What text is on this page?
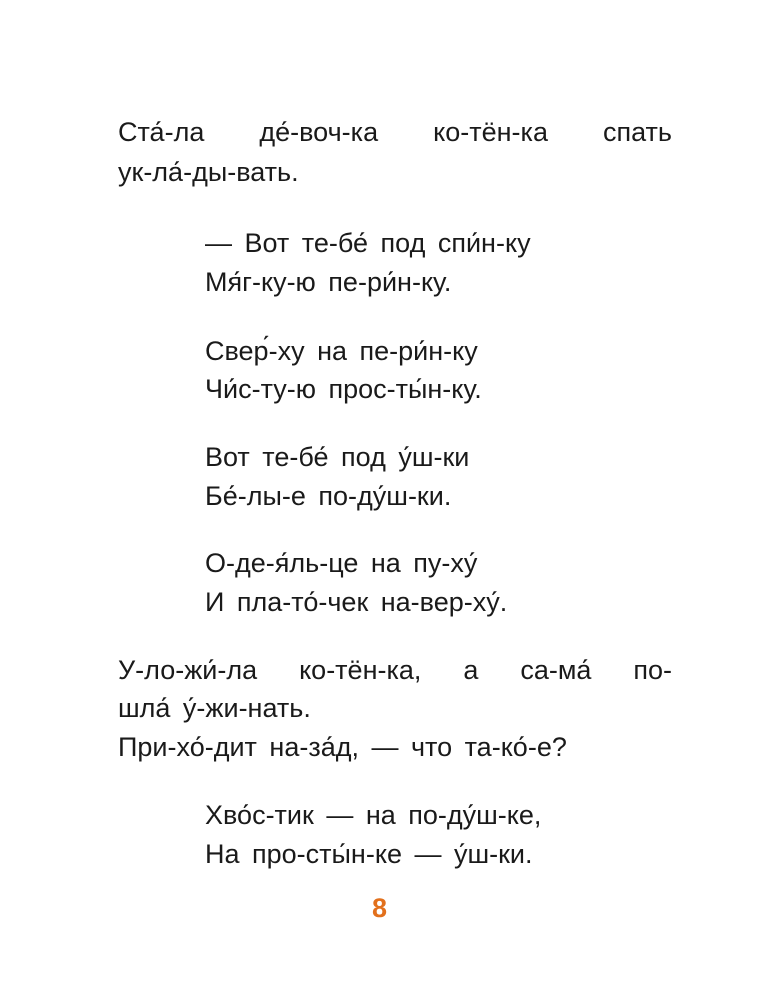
Ста́-ла де́-воч-ка ко-тён-ка спать
ук-ла́-ды-вать.
— Вот те-бе́ под спи́н-ку
Мя́г-ку-ю пе-ри́н-ку.
Свер́-ху на пе-ри́н-ку
Чи́с-ту-ю прос-ты́н-ку.
Вот те-бе́ под у́ш-ки
Бе́-лы-е по-ду́ш-ки.
О-де-я́ль-це на пу-ху́
И пла-то́-чек на-вер-ху́.
У-ло-жи́-ла ко-тён-ка, а са-ма́ по-
шла́ у́-жи-нать.
При-хо́-дит на-за́д, — что та-ко́-е?
Хво́с-тик — на по-ду́ш-ке,
На про-сты́н-ке — у́ш-ки.
8
